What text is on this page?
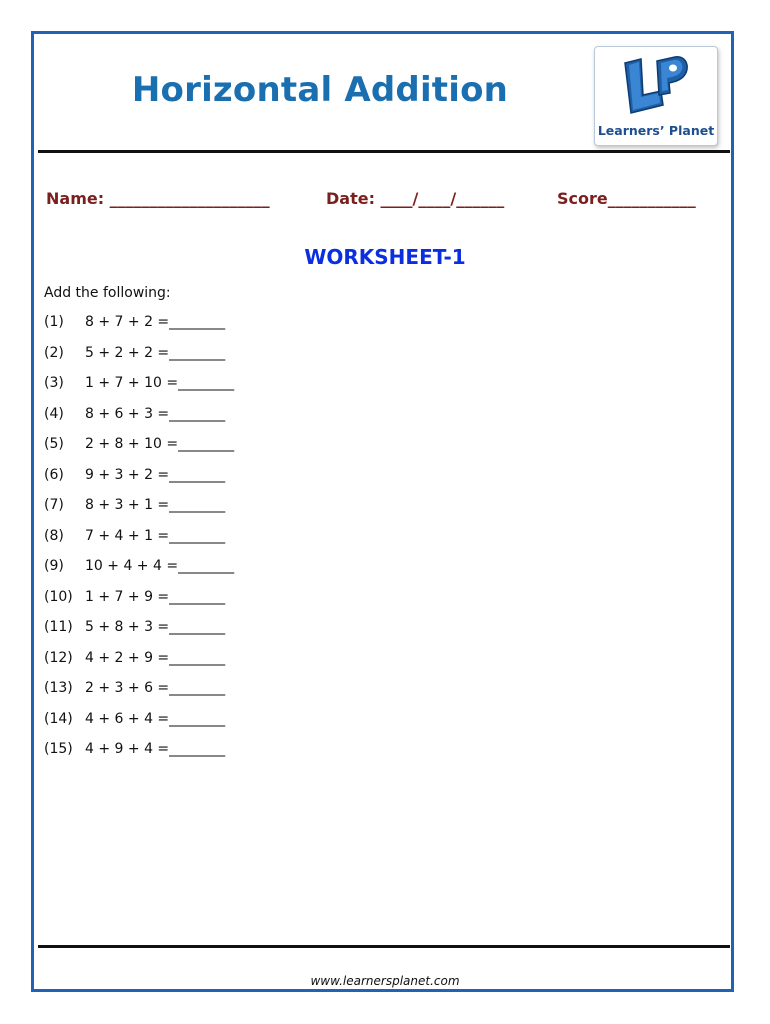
Horizontal Addition
Learners’ Planet
Name: ____________________	Date: ____/____/______	Score___________
WORKSHEET-1
Add the following:
(1) 8 + 7 + 2 =________
(2) 5 + 2 + 2 =________
(3) 1 + 7 + 10 =________
(4) 8 + 6 + 3 =________
(5) 2 + 8 + 10 =________
(6) 9 + 3 + 2 =________
(7) 8 + 3 + 1 =________
(8) 7 + 4 + 1 =________
(9) 10 + 4 + 4 =________
(10) 1 + 7 + 9 =________
(11) 5 + 8 + 3 =________
(12) 4 + 2 + 9 =________
(13) 2 + 3 + 6 =________
(14) 4 + 6 + 4 =________
(15) 4 + 9 + 4 =________
www.learnersplanet.com
